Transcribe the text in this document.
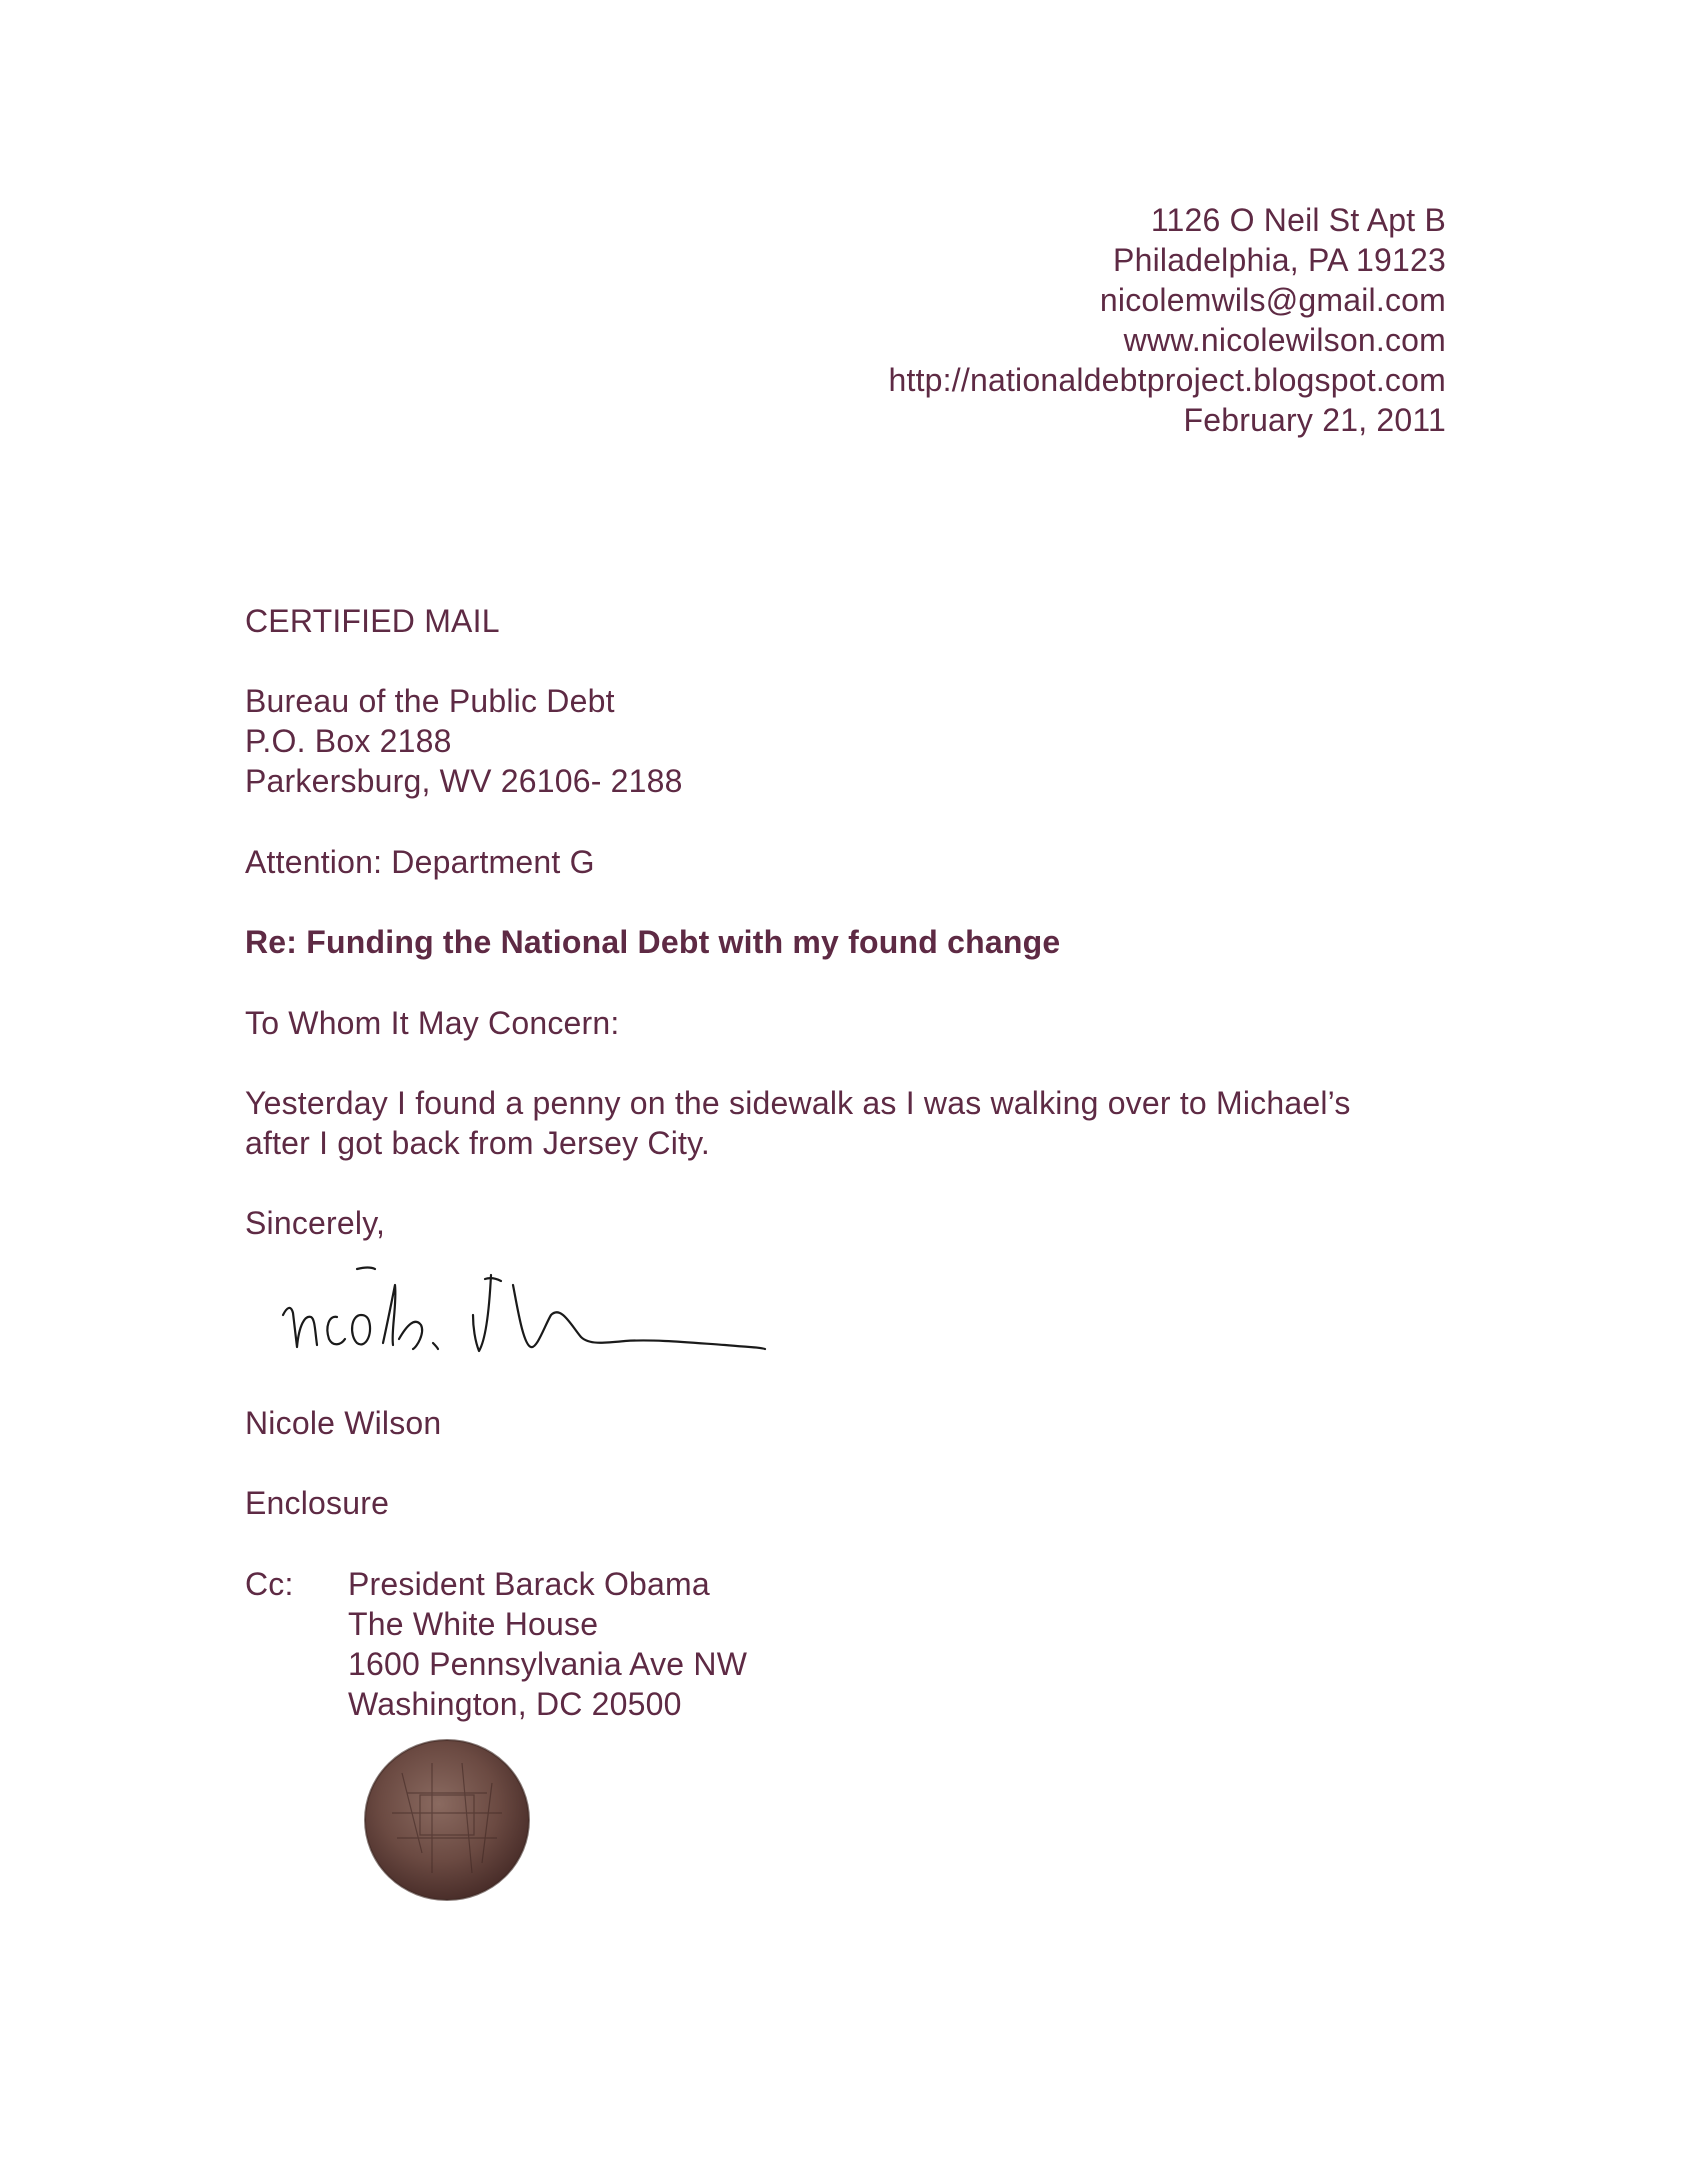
1126 O Neil St Apt B
Philadelphia, PA 19123
nicolemwils@gmail.com
www.nicolewilson.com
http://nationaldebtproject.blogspot.com
February 21, 2011
CERTIFIED MAIL
Bureau of the Public Debt
P.O. Box 2188
Parkersburg, WV 26106- 2188
Attention: Department G
Re: Funding the National Debt with my found change
To Whom It May Concern:
Yesterday I found a penny on the sidewalk as I was walking over to Michael’s
after I got back from Jersey City.
Sincerely,
Nicole Wilson
Enclosure
Cc: President Barack Obama
The White House
1600 Pennsylvania Ave NW
Washington, DC 20500
